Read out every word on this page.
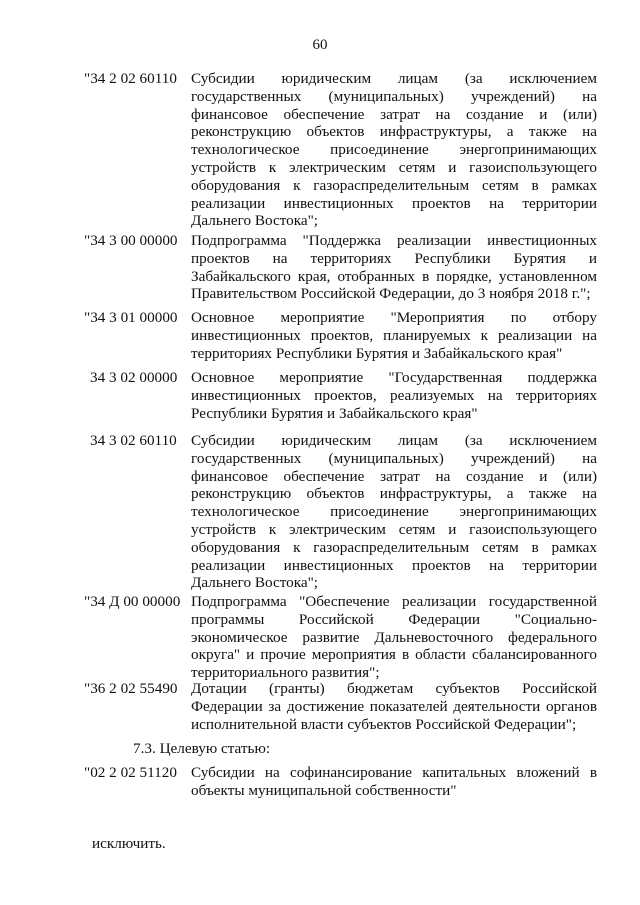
60
"34 2 02 60110 Субсидии юридическим лицам (за исключением государственных (муниципальных) учреждений) на финансовое обеспечение затрат на создание и (или) реконструкцию объектов инфраструктуры, а также на технологическое присоединение энергопринимающих устройств к электрическим сетям и газоиспользующего оборудования к газораспределительным сетям в рамках реализации инвестиционных проектов на территории Дальнего Востока";
"34 3 00 00000 Подпрограмма "Поддержка реализации инвестиционных проектов на территориях Республики Бурятия и Забайкальского края, отобранных в порядке, установленном Правительством Российской Федерации, до 3 ноября 2018 г.";
"34 3 01 00000 Основное мероприятие "Мероприятия по отбору инвестиционных проектов, планируемых к реализации на территориях Республики Бурятия и Забайкальского края"
34 3 02 00000 Основное мероприятие "Государственная поддержка инвестиционных проектов, реализуемых на территориях Республики Бурятия и Забайкальского края"
34 3 02 60110 Субсидии юридическим лицам (за исключением государственных (муниципальных) учреждений) на финансовое обеспечение затрат на создание и (или) реконструкцию объектов инфраструктуры, а также на технологическое присоединение энергопринимающих устройств к электрическим сетям и газоиспользующего оборудования к газораспределительным сетям в рамках реализации инвестиционных проектов на территории Дальнего Востока";
"34 Д 00 00000 Подпрограмма "Обеспечение реализации государственной программы Российской Федерации "Социально-экономическое развитие Дальневосточного федерального округа" и прочие мероприятия в области сбалансированного территориального развития";
"36 2 02 55490 Дотации (гранты) бюджетам субъектов Российской Федерации за достижение показателей деятельности органов исполнительной власти субъектов Российской Федерации";
7.3. Целевую статью:
"02 2 02 51120 Субсидии на софинансирование капитальных вложений в объекты муниципальной собственности"
исключить.
